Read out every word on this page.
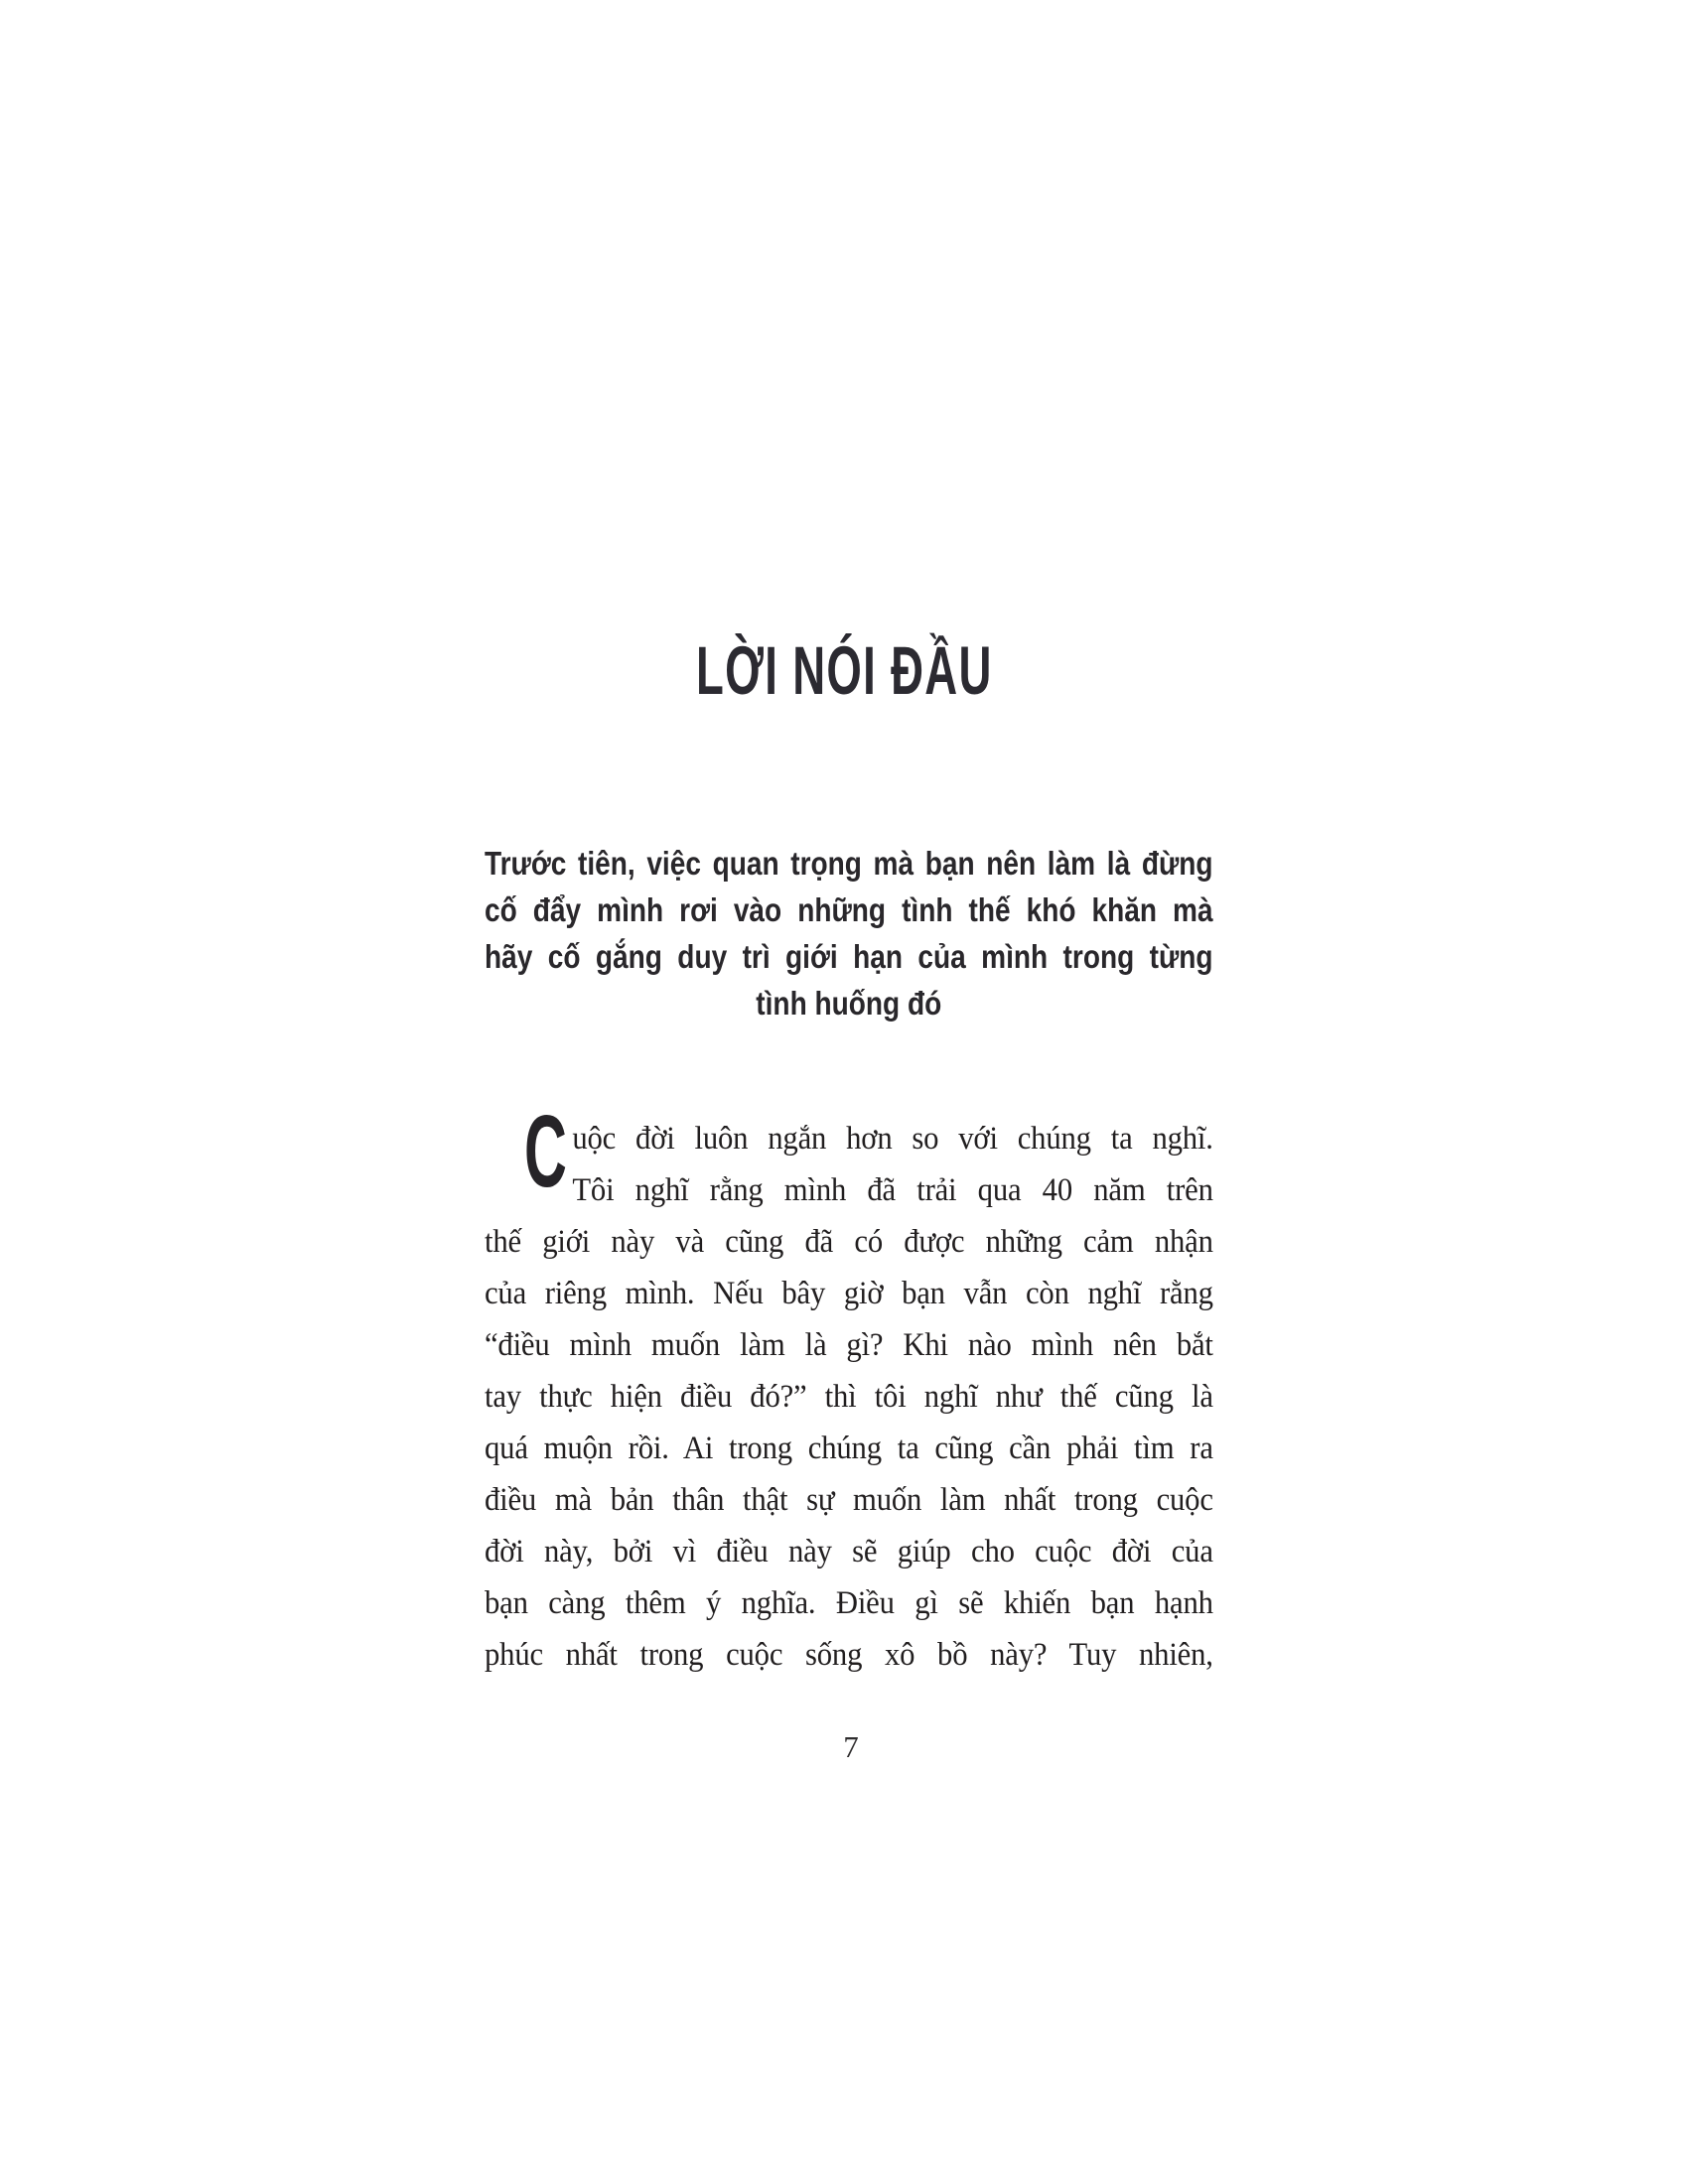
LỜI NÓI ĐẦU
Trước tiên, việc quan trọng mà bạn nên làm là đừng
cố đẩy mình rơi vào những tình thế khó khăn mà
hãy cố gắng duy trì giới hạn của mình trong từng
tình huống đó
C uộc đời luôn ngắn hơn so với chúng ta nghĩ.
Tôi nghĩ rằng mình đã trải qua 40 năm trên
thế giới này và cũng đã có được những cảm nhận
của riêng mình. Nếu bây giờ bạn vẫn còn nghĩ rằng
“điều mình muốn làm là gì? Khi nào mình nên bắt
tay thực hiện điều đó?” thì tôi nghĩ như thế cũng là
quá muộn rồi. Ai trong chúng ta cũng cần phải tìm ra
điều mà bản thân thật sự muốn làm nhất trong cuộc
đời này, bởi vì điều này sẽ giúp cho cuộc đời của
bạn càng thêm ý nghĩa. Điều gì sẽ khiến bạn hạnh
phúc nhất trong cuộc sống xô bồ này? Tuy nhiên,
7
